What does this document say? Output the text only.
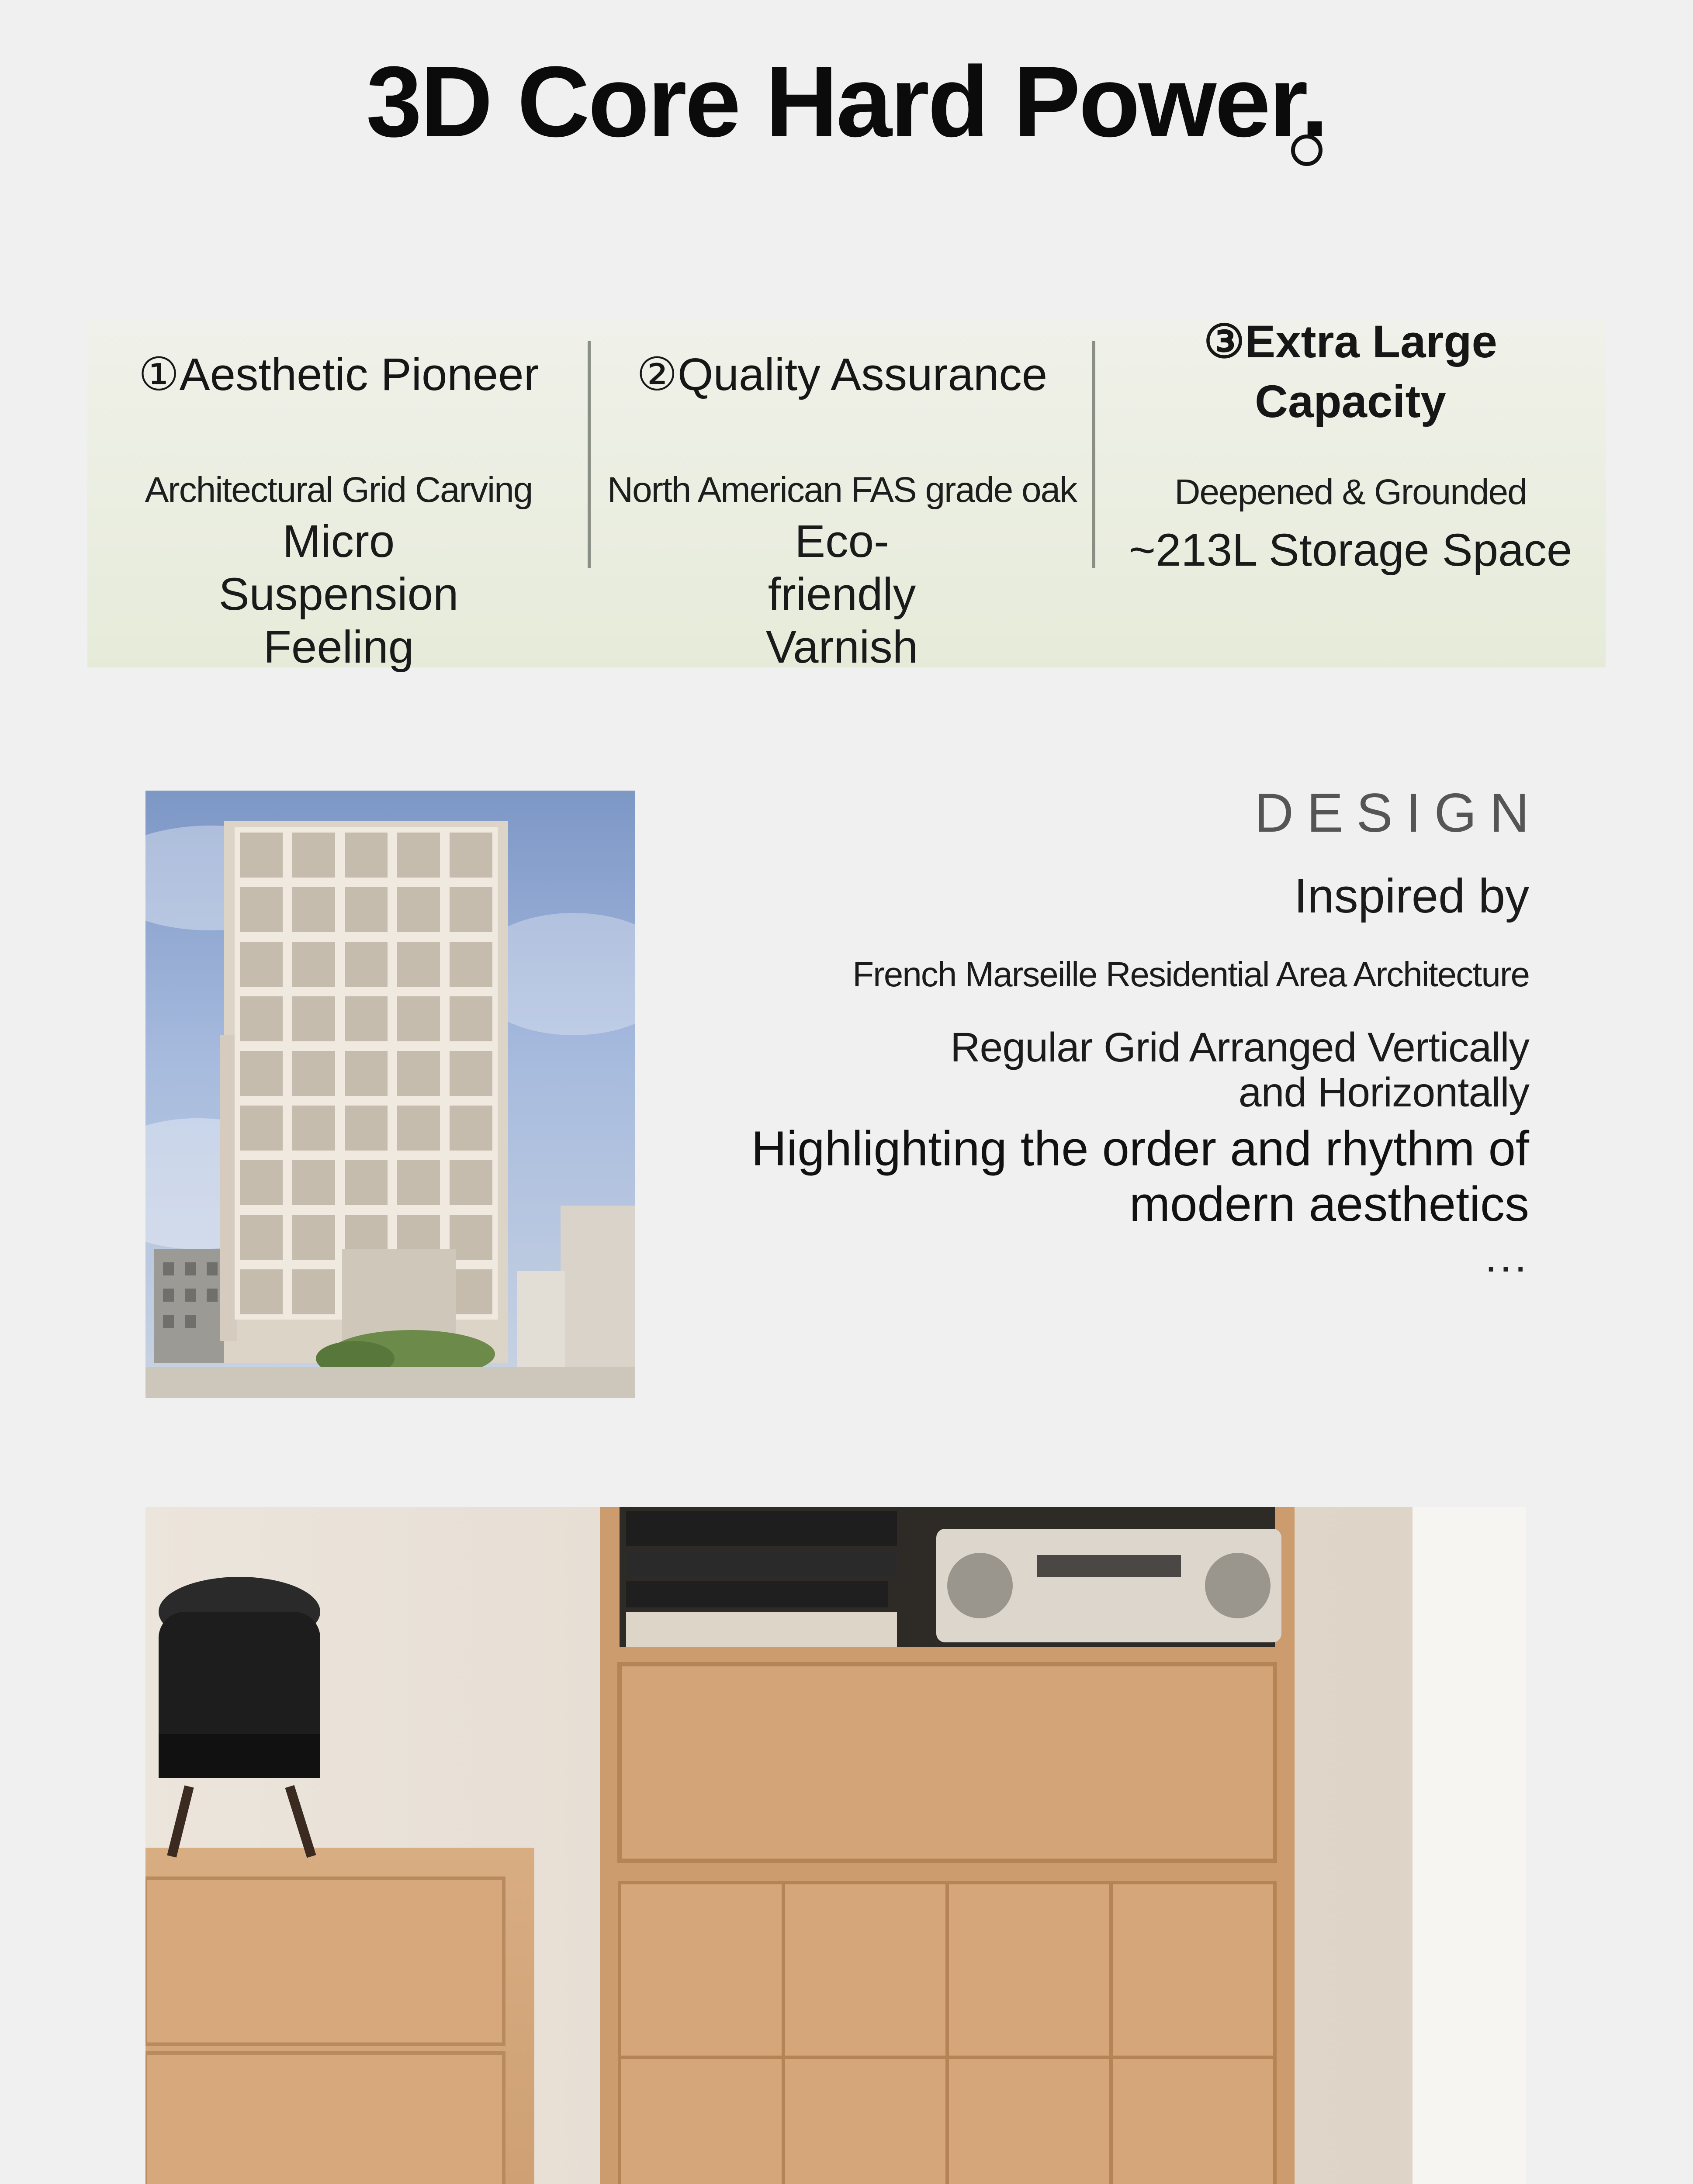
3D Core Hard Power.
①Aesthetic Pioneer
Architectural Grid Carving
Micro Suspension Feeling
②Quality Assurance
North American FAS grade oak
Eco-friendly Varnish
③Extra Large Capacity
Deepened & Grounded
~213L Storage Space
DESIGN
Inspired by
French Marseille Residential Area Architecture
Regular Grid Arranged Vertically and Horizontally
Highlighting the order and rhythm of modern aesthetics
...
